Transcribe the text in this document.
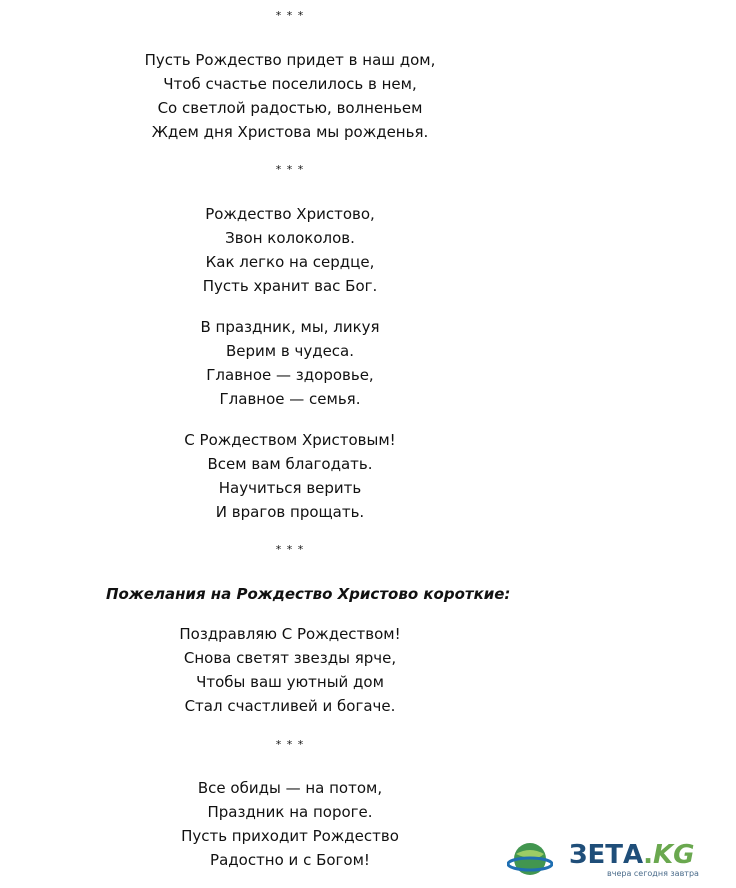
* * *
Пусть Рождество придет в наш дом,
Чтоб счастье поселилось в нем,
Со светлой радостью, волненьем
Ждем дня Христова мы рожденья.
* * *
Рождество Христово,
Звон колоколов.
Как легко на сердце,
Пусть хранит вас Бог.
В праздник, мы, ликуя
Верим в чудеса.
Главное — здоровье,
Главное — семья.
С Рождеством Христовым!
Всем вам благодать.
Научиться верить
И врагов прощать.
* * *
Пожелания на Рождество Христово короткие:
Поздравляю С Рождеством!
Снова светят звезды ярче,
Чтобы ваш уютный дом
Стал счастливей и богаче.
* * *
Все обиды — на потом,
Праздник на пороге.
Пусть приходит Рождество
Радостно и с Богом!	ЗЕТА.KG
вчера сегодня завтра
